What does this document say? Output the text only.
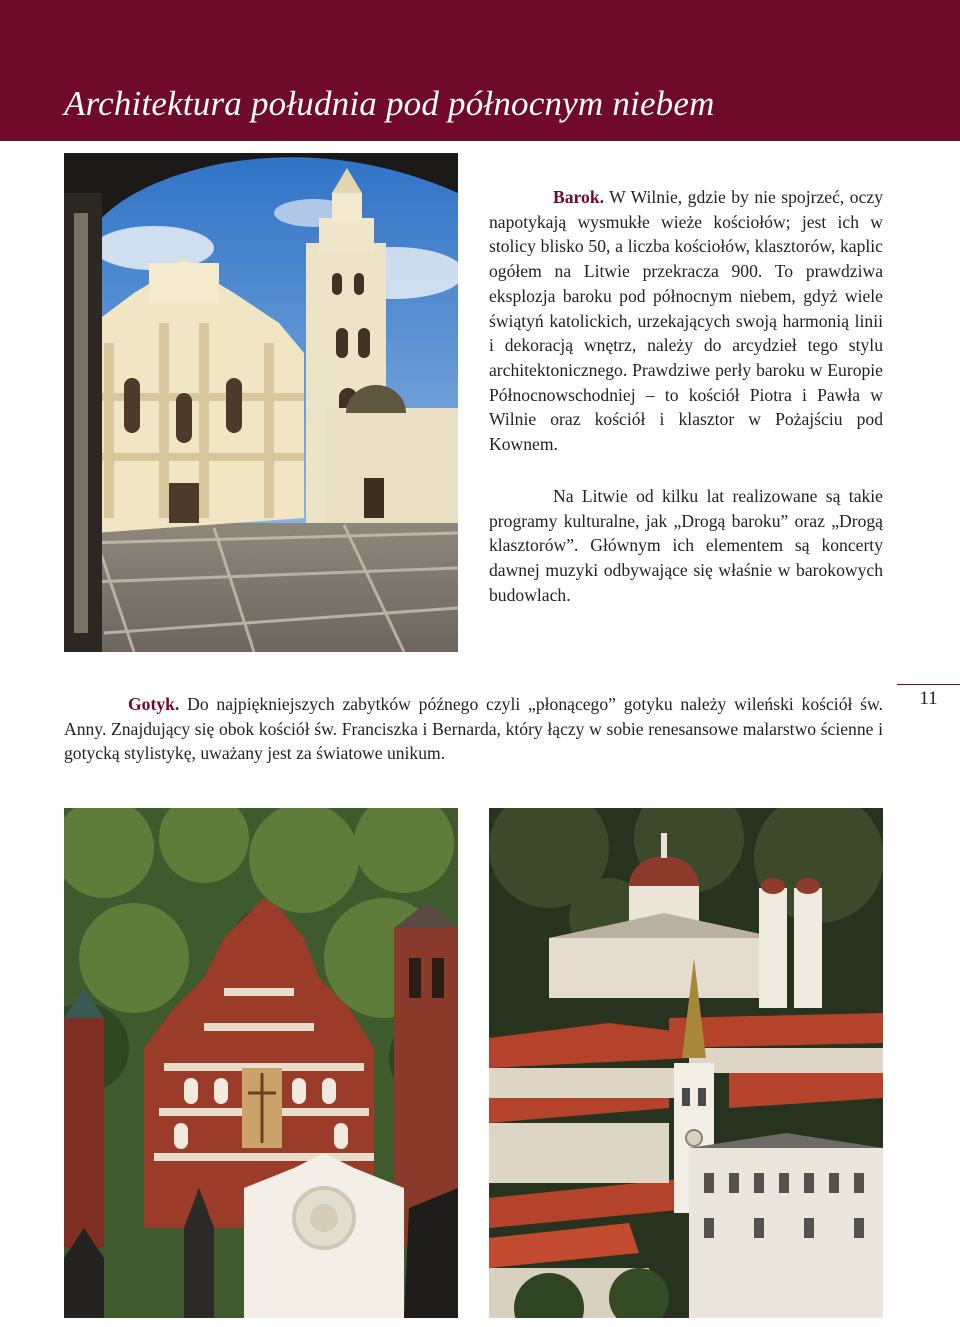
Architektura południa pod północnym niebem

Barok. W Wilnie, gdzie by nie spojrzeć, oczy napotykają wysmukłe wieże kościołów; jest ich w stolicy blisko 50, a liczba kościołów, klasztorów, kaplic ogółem na Litwie przekracza 900. To prawdziwa eksplozja baroku pod północnym niebem, gdyż wiele świątyń katolickich, urzekających swoją harmonią linii i dekoracją wnętrz, należy do arcydzieł tego stylu architektonicznego. Prawdziwe perły baroku w Europie Północnowschodniej – to kościół Piotra i Pawła w Wilnie oraz kościół i klasztor w Pożajściu pod Kownem.

Na Litwie od kilku lat realizowane są takie programy kulturalne, jak „Drogą baroku” oraz „Drogą klasztorów”. Głównym ich elementem są koncerty dawnej muzyki odbywające się właśnie w barokowych budowlach.

Gotyk. Do najpiękniejszych zabytków późnego czyli „płonącego” gotyku należy wileński kościół św. Anny. Znajdujący się obok kościół św. Franciszka i Bernarda, który łączy w sobie renesansowe malarstwo ścienne i gotycką stylistykę, uważany jest za światowe unikum.

11
